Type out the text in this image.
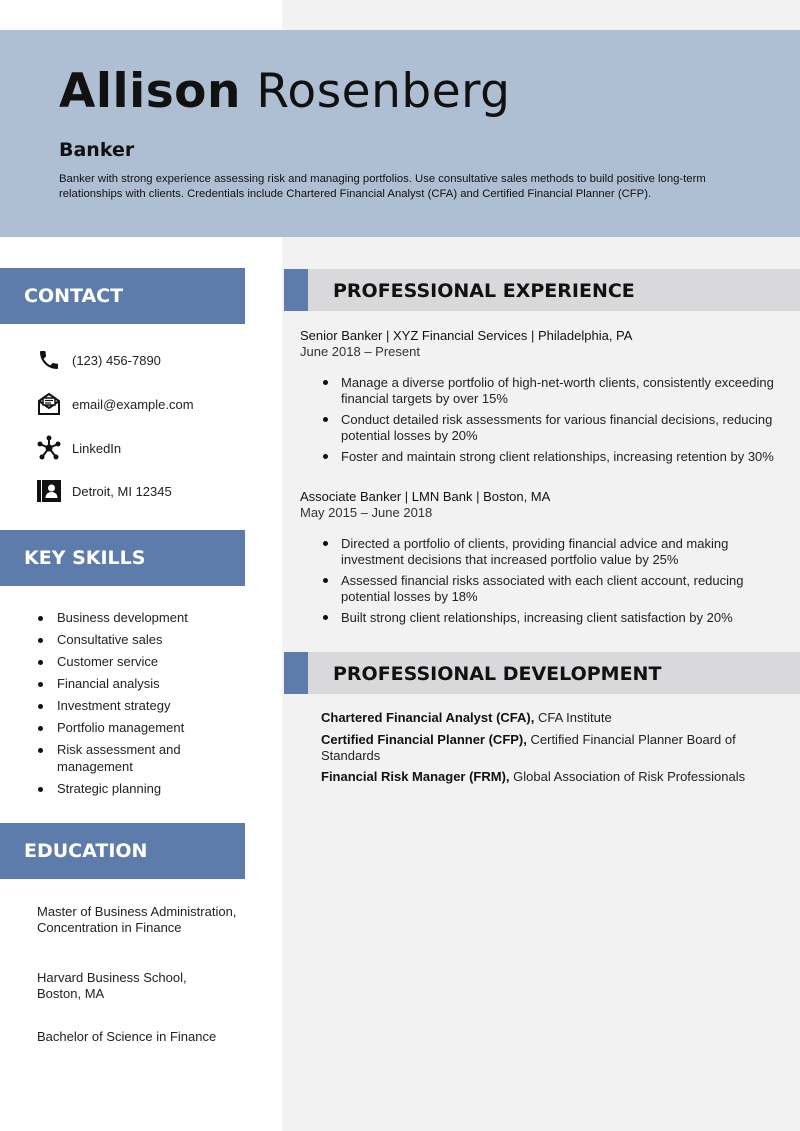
Allison Rosenberg
Banker
Banker with strong experience assessing risk and managing portfolios. Use consultative sales methods to build positive long-term relationships with clients. Credentials include Chartered Financial Analyst (CFA) and Certified Financial Planner (CFP).
CONTACT
(123) 456-7890
email@example.com
LinkedIn
Detroit, MI 12345
KEY SKILLS
Business development
Consultative sales
Customer service
Financial analysis
Investment strategy
Portfolio management
Risk assessment and management
Strategic planning
EDUCATION
Master of Business Administration, Concentration in Finance
Harvard Business School, Boston, MA
Bachelor of Science in Finance
PROFESSIONAL EXPERIENCE
Senior Banker | XYZ Financial Services | Philadelphia, PA
June 2018 – Present
Manage a diverse portfolio of high-net-worth clients, consistently exceeding financial targets by over 15%
Conduct detailed risk assessments for various financial decisions, reducing potential losses by 20%
Foster and maintain strong client relationships, increasing retention by 30%
Associate Banker | LMN Bank | Boston, MA
May 2015 – June 2018
Directed a portfolio of clients, providing financial advice and making investment decisions that increased portfolio value by 25%
Assessed financial risks associated with each client account, reducing potential losses by 18%
Built strong client relationships, increasing client satisfaction by 20%
PROFESSIONAL DEVELOPMENT
Chartered Financial Analyst (CFA), CFA Institute
Certified Financial Planner (CFP), Certified Financial Planner Board of Standards
Financial Risk Manager (FRM), Global Association of Risk Professionals
